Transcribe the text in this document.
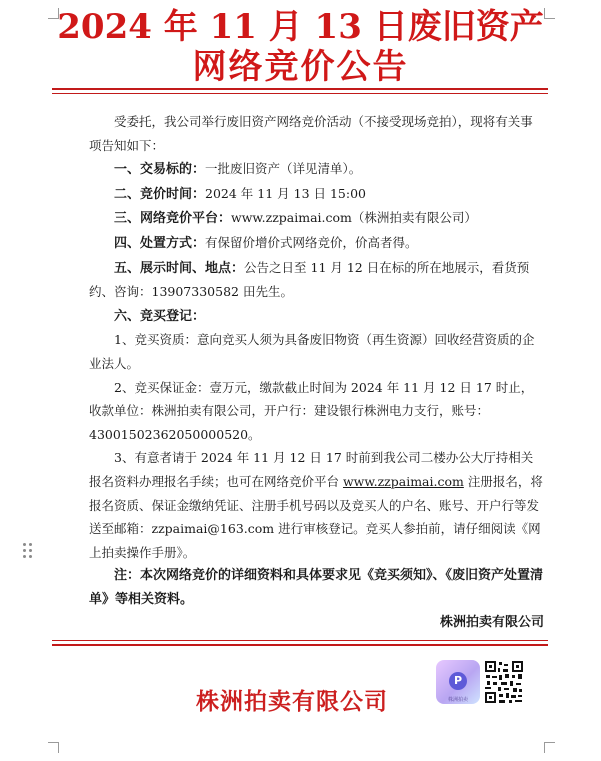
2024 年 11 月 13 日废旧资产
网络竞价公告

受委托，我公司举行废旧资产网络竞价活动（不接受现场竞拍），现将有关事项告知如下：

一、交易标的：一批废旧资产（详见清单）。

二、竞价时间：2024 年 11 月 13 日 15:00

三、网络竞价平台：www.zzpaimai.com（株洲拍卖有限公司）

四、处置方式：有保留价增价式网络竞价，价高者得。

五、展示时间、地点：公告之日至 11 月 12 日在标的所在地展示，看货预约、咨询：13907330582 田先生。

六、竞买登记：

1、竞买资质：意向竞买人须为具备废旧物资（再生资源）回收经营资质的企业法人。

2、竞买保证金：壹万元，缴款截止时间为 2024 年 11 月 12 日 17 时止，收款单位：株洲拍卖有限公司，开户行：建设银行株洲电力支行，账号：43001502362050000520。

3、有意者请于 2024 年 11 月 12 日 17 时前到我公司二楼办公大厅持相关报名资料办理报名手续；也可在网络竞价平台 www.zzpaimai.com 注册报名，将报名资质、保证金缴纳凭证、注册手机号码以及竞买人的户名、账号、开户行等发送至邮箱：zzpaimai@163.com 进行审核登记。竞买人参拍前，请仔细阅读《网上拍卖操作手册》。

注：本次网络竞价的详细资料和具体要求见《竞买须知》、《废旧资产处置清单》等相关资料。

株洲拍卖有限公司

株洲拍卖有限公司
P
株洲拍卖
